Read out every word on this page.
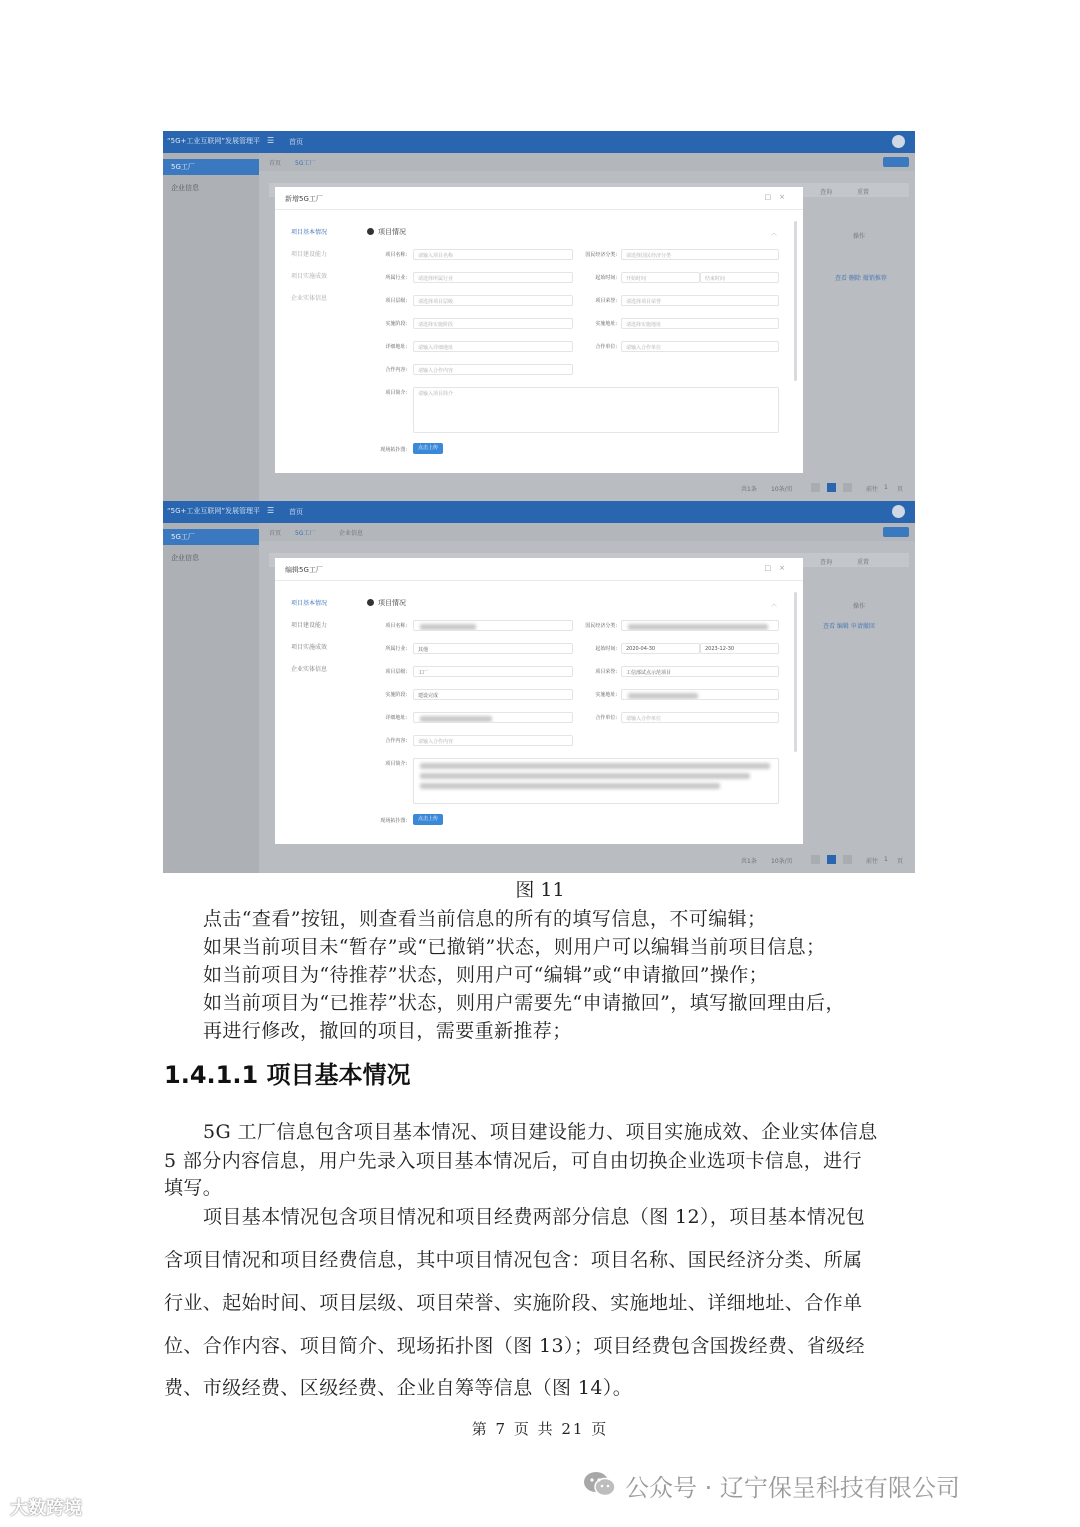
“5G+工业互联网”发展管理平 ☰ 首页
5G工厂
企业信息
首页 5G工厂
查询	重置
操作
查看 删除 撤销推荐
共1条 10条/页	前往 1 页
新增5G工厂	□×
项目基本情况
项目建设能力
项目实施成效
企业实体信息
项目情况	︿
项目名称:	请输入项目名称	国民经济分类:	请选择国民经济分类
所属行业:	请选择所属行业	起始时间:	开始时间	结束时间
项目层级:	请选择项目层级	项目荣誉:	请选择项目荣誉
实施阶段:	请选择实施阶段	实施地址:	请选择实施地址
详细地址:	请输入详细地址	合作单位:	请输入合作单位
合作内容:	请输入合作内容
项目简介:	请输入项目简介
现场拓扑图:	点击上传
“5G+工业互联网”发展管理平 ☰ 首页
5G工厂
企业信息
首页 5G工厂	企业信息
查询	重置
操作
查看 编辑 申请撤回
共1条 10条/页	前往 1 页
编辑5G工厂	□×
项目基本情况
项目建设能力
项目实施成效
企业实体信息
项目情况	︿
项目名称:	国民经济分类:
所属行业:	其他	起始时间:	2020-04-30	2023-12-30
项目层级:	工厂	项目荣誉:	工信部试点示范项目
实施阶段:	建设完成	实施地址:
详细地址:	合作单位:	请输入合作单位
合作内容:	请输入合作内容
项目简介:
现场拓扑图:	点击上传
图 11
点击“查看”按钮，则查看当前信息的所有的填写信息，不可编辑；
如果当前项目未“暂存”或“已撤销”状态，则用户可以编辑当前项目信息；
如当前项目为“待推荐”状态，则用户可“编辑”或“申请撤回”操作；
如当前项目为“已推荐”状态，则用户需要先“申请撤回”，填写撤回理由后，
再进行修改，撤回的项目，需要重新推荐；
1.4.1.1 项目基本情况
5G 工厂信息包含项目基本情况、项目建设能力、项目实施成效、企业实体信息
5 部分内容信息，用户先录入项目基本情况后，可自由切换企业选项卡信息，进行
填写。
项目基本情况包含项目情况和项目经费两部分信息（图 12），项目基本情况包
含项目情况和项目经费信息，其中项目情况包含：项目名称、国民经济分类、所属
行业、起始时间、项目层级、项目荣誉、实施阶段、实施地址、详细地址、合作单
位、合作内容、项目简介、现场拓扑图（图 13）；项目经费包含国拨经费、省级经
费、市级经费、区级经费、企业自筹等信息（图 14）。
第 7 页 共 21 页
公众号 · 辽宁保呈科技有限公司
大数跨境
